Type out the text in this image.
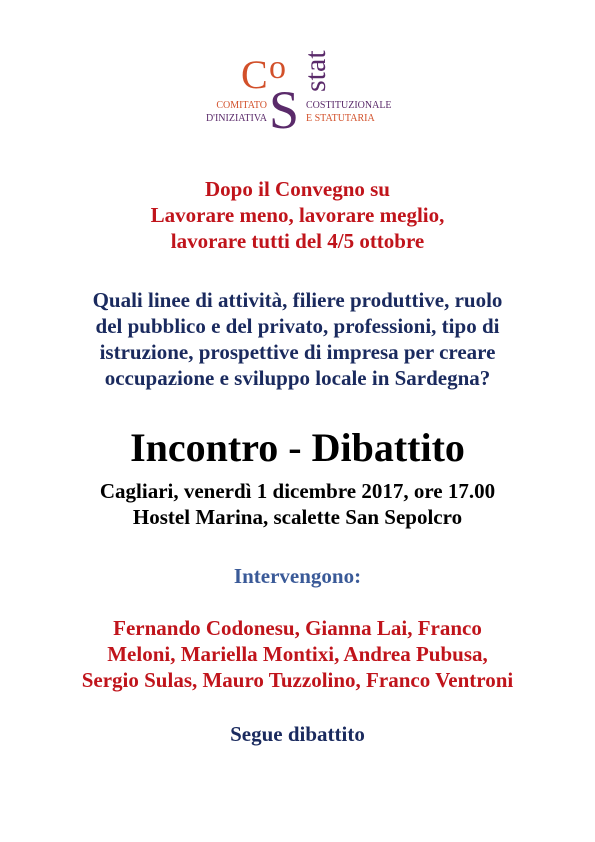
C o
S
stat
COMITATO
D'INIZIATIVA
COSTITUZIONALE
E STATUTARIA
Dopo il Convegno su
Lavorare meno, lavorare meglio,
lavorare tutti del 4/5 ottobre
Quali linee di attività, filiere produttive, ruolo
del pubblico e del privato, professioni, tipo di
istruzione, prospettive di impresa per creare
occupazione e sviluppo locale in Sardegna?
Incontro - Dibattito
Cagliari, venerdì 1 dicembre 2017, ore 17.00
Hostel Marina, scalette San Sepolcro
Intervengono:
Fernando Codonesu, Gianna Lai, Franco
Meloni, Mariella Montixi, Andrea Pubusa,
Sergio Sulas, Mauro Tuzzolino, Franco Ventroni
Segue dibattito
